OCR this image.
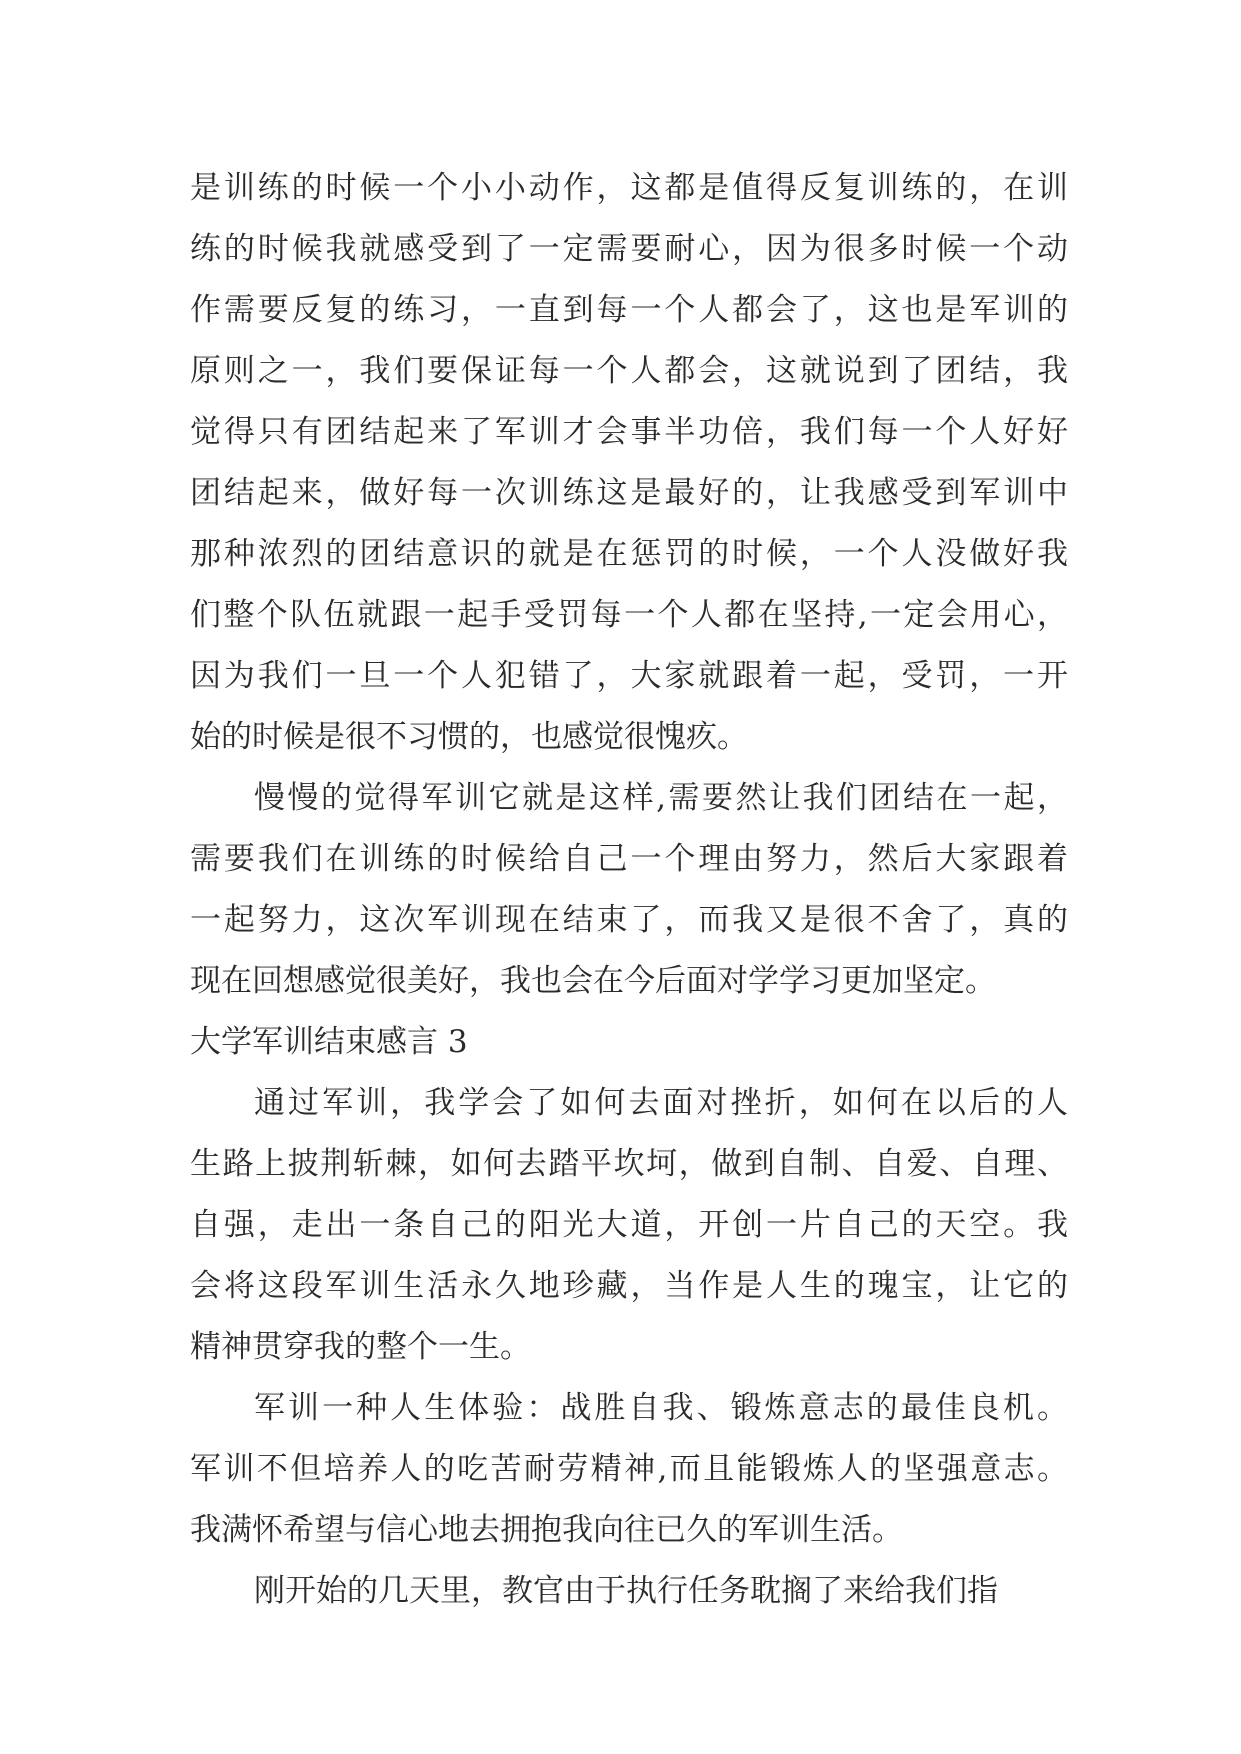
是训练的时候一个小小动作，这都是值得反复训练的，在训
练的时候我就感受到了一定需要耐心，因为很多时候一个动
作需要反复的练习，一直到每一个人都会了，这也是军训的
原则之一，我们要保证每一个人都会，这就说到了团结，我
觉得只有团结起来了军训才会事半功倍，我们每一个人好好
团结起来，做好每一次训练这是最好的，让我感受到军训中
那种浓烈的团结意识的就是在惩罚的时候，一个人没做好我
们整个队伍就跟一起手受罚每一个人都在坚持,一定会用心，
因为我们一旦一个人犯错了，大家就跟着一起，受罚，一开
始的时候是很不习惯的，也感觉很愧疚。
慢慢的觉得军训它就是这样,需要然让我们团结在一起，
需要我们在训练的时候给自己一个理由努力，然后大家跟着
一起努力，这次军训现在结束了，而我又是很不舍了，真的
现在回想感觉很美好，我也会在今后面对学学习更加坚定。
大学军训结束感言 3
通过军训，我学会了如何去面对挫折，如何在以后的人
生路上披荆斩棘，如何去踏平坎坷，做到自制、自爱、自理、
自强，走出一条自己的阳光大道，开创一片自己的天空。我
会将这段军训生活永久地珍藏，当作是人生的瑰宝，让它的
精神贯穿我的整个一生。
军训一种人生体验：战胜自我、锻炼意志的最佳良机。
军训不但培养人的吃苦耐劳精神,而且能锻炼人的坚强意志。
我满怀希望与信心地去拥抱我向往已久的军训生活。
刚开始的几天里，教官由于执行任务耽搁了来给我们指
